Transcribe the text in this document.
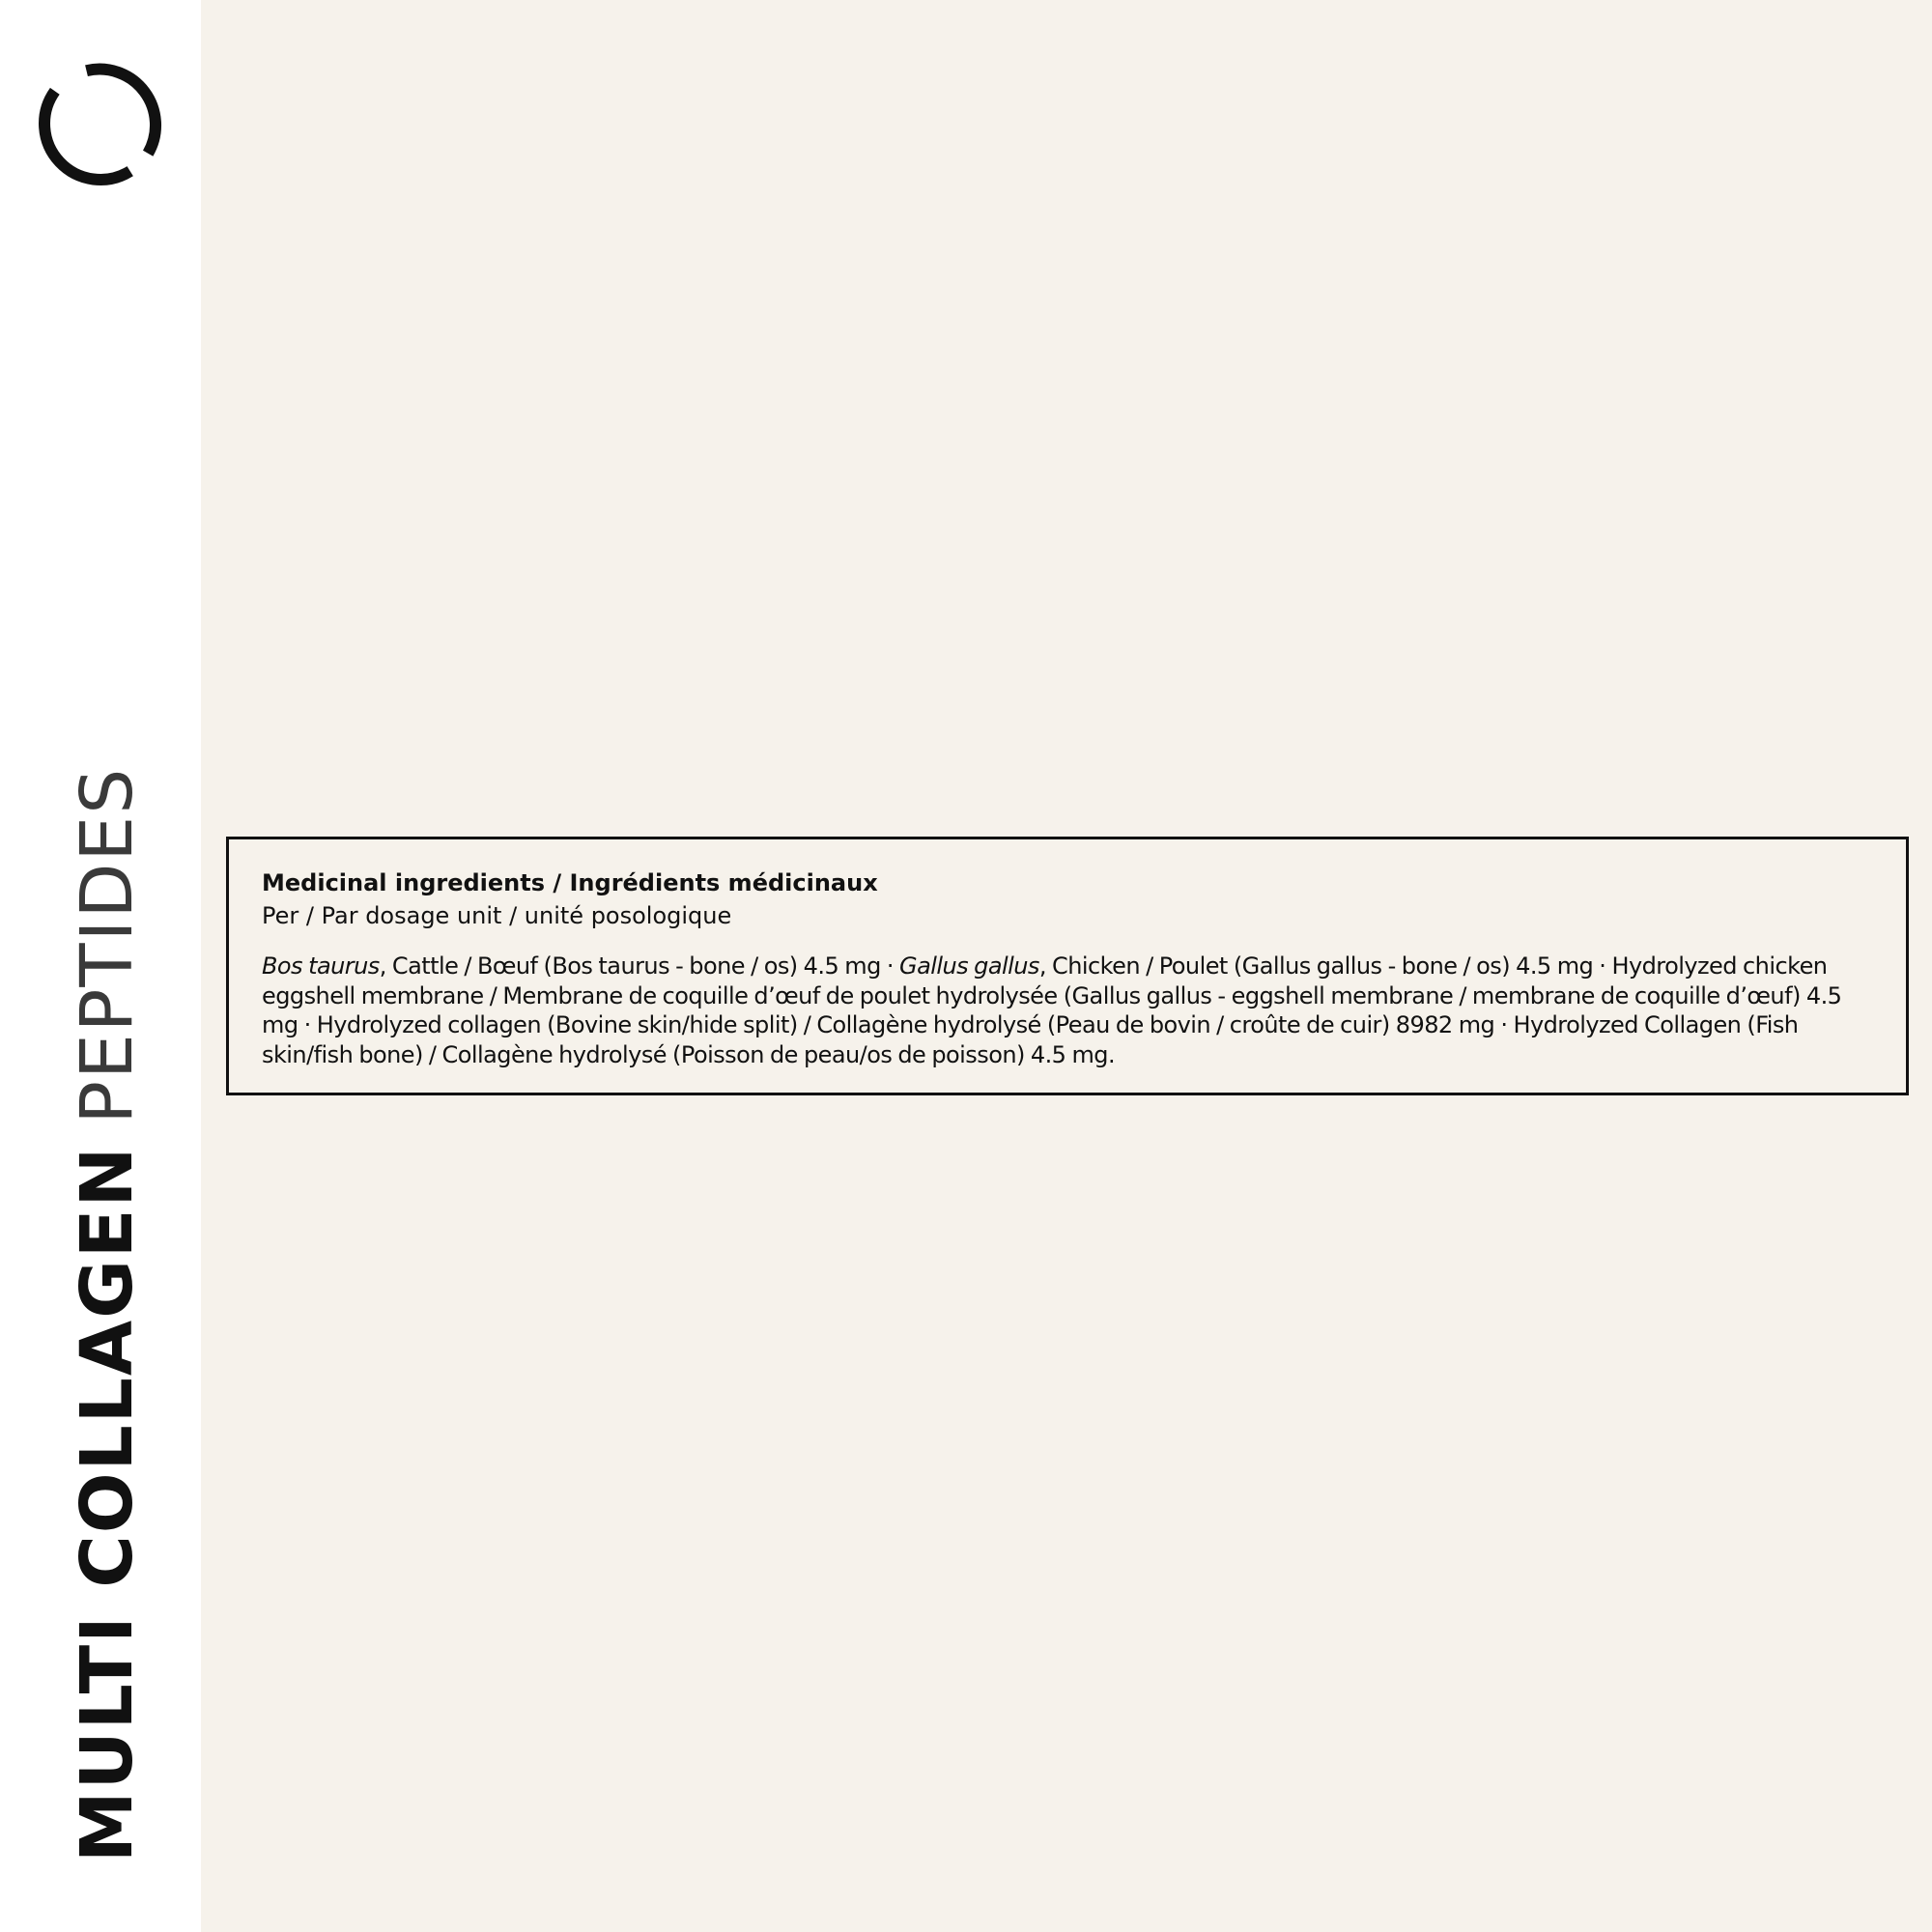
MULTI COLLAGEN
PEPTIDES	Medicinal ingredients / Ingrédients médicinaux
Per / Par dosage unit / unité posologique
Bos taurus, Cattle / Bœuf (Bos taurus - bone / os) 4.5 mg · Gallus gallus, Chicken / Poulet (Gallus gallus - bone / os) 4.5 mg · Hydrolyzed chicken eggshell membrane / Membrane de coquille d’œuf de poulet hydrolysée (Gallus gallus - eggshell membrane / membrane de coquille d’œuf) 4.5 mg · Hydrolyzed collagen (Bovine skin/hide split) / Collagène hydrolysé (Peau de bovin / croûte de cuir) 8982 mg · Hydrolyzed Collagen (Fish skin/fish bone) / Collagène hydrolysé (Poisson de peau/os de poisson) 4.5 mg.
